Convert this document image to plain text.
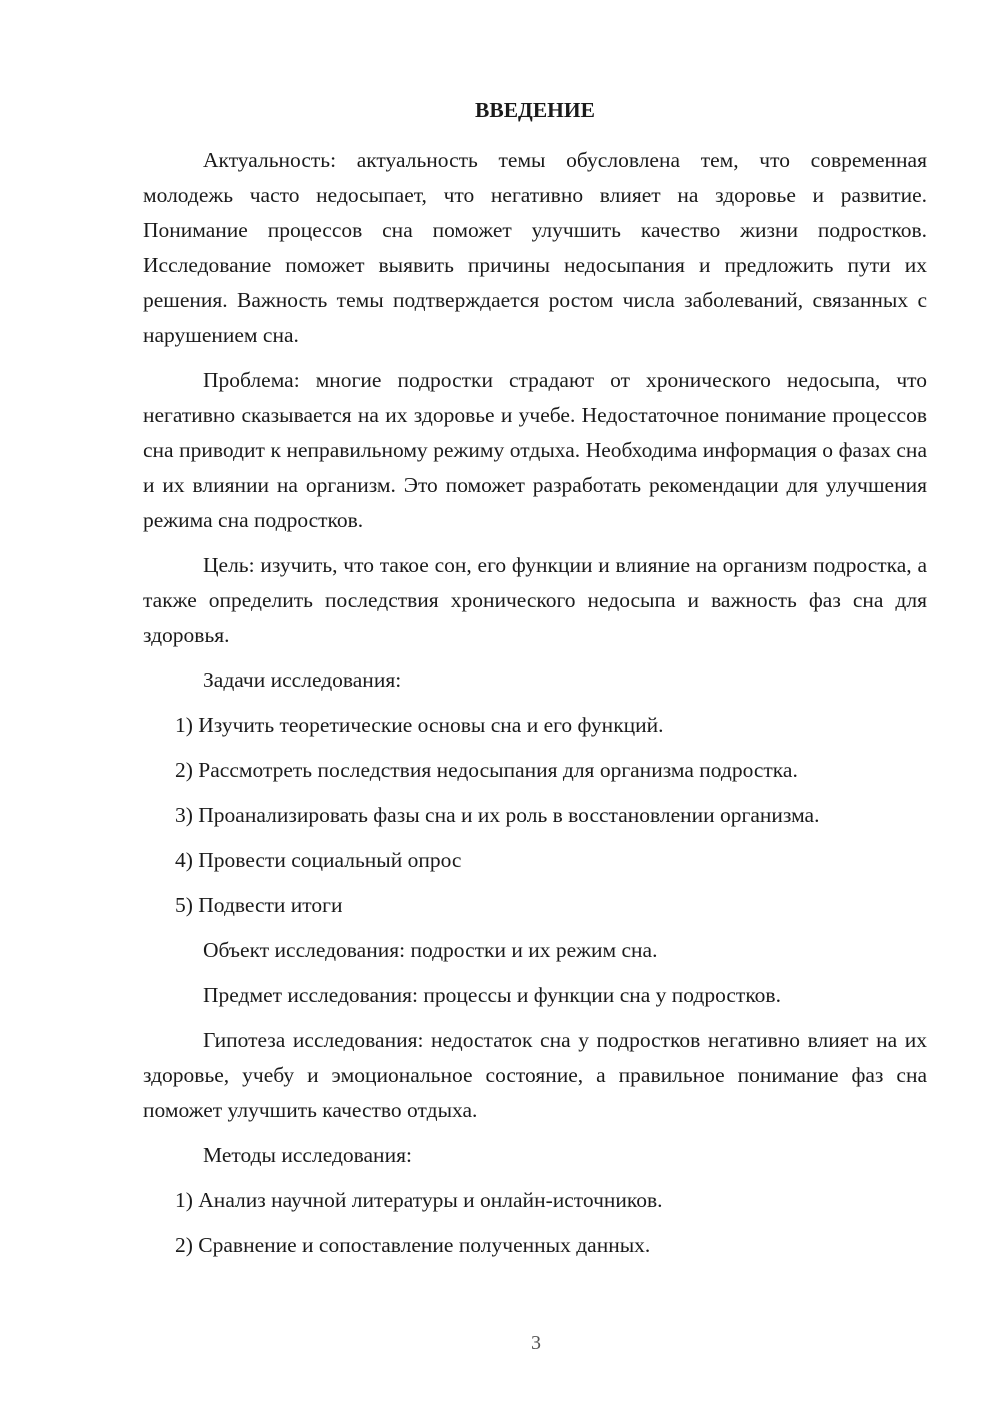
ВВЕДЕНИЕ

Актуальность: актуальность темы обусловлена тем, что современная молодежь часто недосыпает, что негативно влияет на здоровье и развитие. Понимание процессов сна поможет улучшить качество жизни подростков. Исследование поможет выявить причины недосыпания и предложить пути их решения. Важность темы подтверждается ростом числа заболеваний, связанных с нарушением сна.

Проблема: многие подростки страдают от хронического недосыпа, что негативно сказывается на их здоровье и учебе. Недостаточное понимание процессов сна приводит к неправильному режиму отдыха. Необходима информация о фазах сна и их влиянии на организм. Это поможет разработать рекомендации для улучшения режима сна подростков.

Цель: изучить, что такое сон, его функции и влияние на организм подростка, а также определить последствия хронического недосыпа и важность фаз сна для здоровья.

Задачи исследования:

1) Изучить теоретические основы сна и его функций.

2) Рассмотреть последствия недосыпания для организма подростка.

3) Проанализировать фазы сна и их роль в восстановлении организма.

4) Провести социальный опрос

5) Подвести итоги

Объект исследования: подростки и их режим сна.

Предмет исследования: процессы и функции сна у подростков.

Гипотеза исследования: недостаток сна у подростков негативно влияет на их здоровье, учебу и эмоциональное состояние, а правильное понимание фаз сна поможет улучшить качество отдыха.

Методы исследования:

1) Анализ научной литературы и онлайн-источников.

2) Сравнение и сопоставление полученных данных.

3
